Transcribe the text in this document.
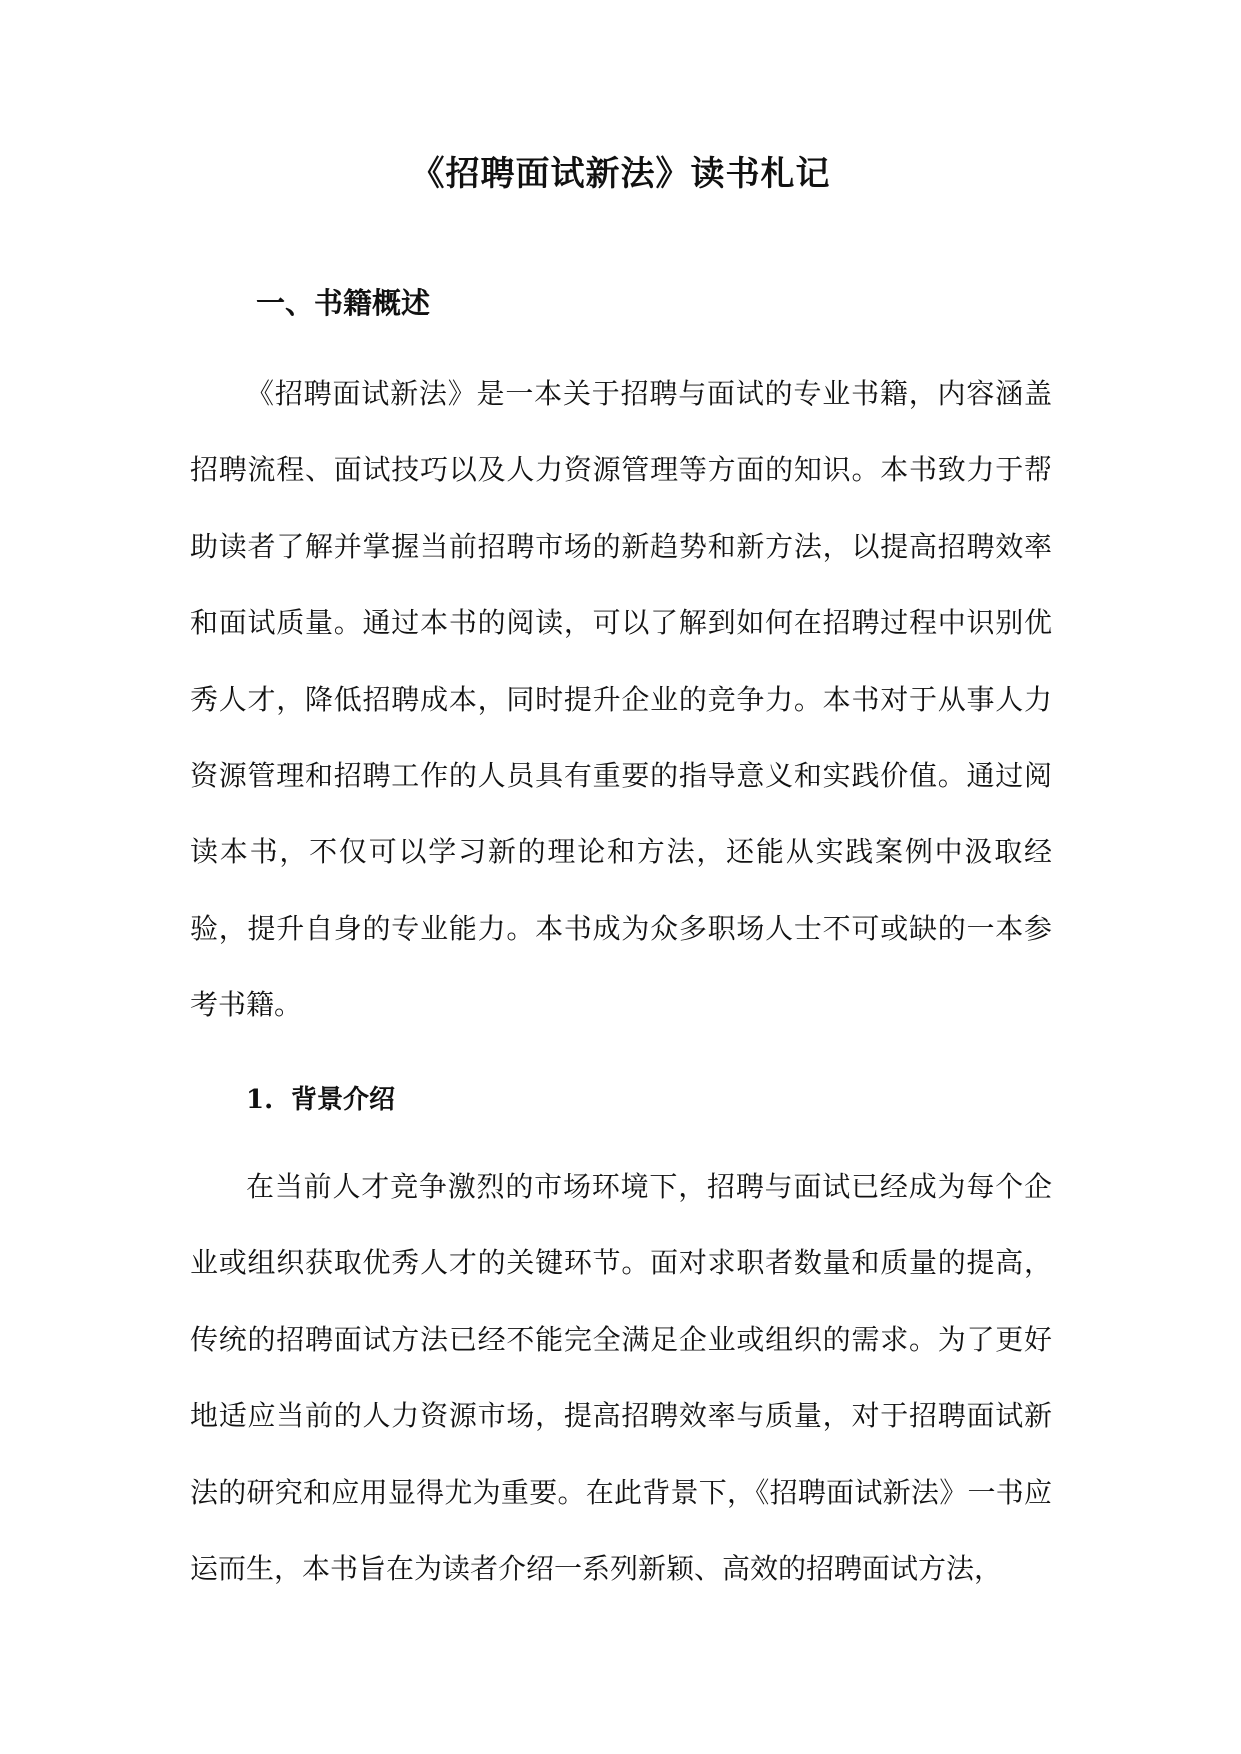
《招聘面试新法》读书札记
一、书籍概述

《招聘面试新法》是一本关于招聘与面试的专业书籍，内容涵盖招聘流程、面试技巧以及人力资源管理等方面的知识。本书致力于帮助读者了解并掌握当前招聘市场的新趋势和新方法，以提高招聘效率和面试质量。通过本书的阅读，可以了解到如何在招聘过程中识别优秀人才，降低招聘成本，同时提升企业的竞争力。本书对于从事人力资源管理和招聘工作的人员具有重要的指导意义和实践价值。通过阅读本书，不仅可以学习新的理论和方法，还能从实践案例中汲取经验，提升自身的专业能力。本书成为众多职场人士不可或缺的一本参考书籍。

1. 背景介绍

在当前人才竞争激烈的市场环境下，招聘与面试已经成为每个企业或组织获取优秀人才的关键环节。面对求职者数量和质量的提高，传统的招聘面试方法已经不能完全满足企业或组织的需求。为了更好地适应当前的人力资源市场，提高招聘效率与质量，对于招聘面试新法的研究和应用显得尤为重要。在此背景下，《招聘面试新法》一书应运而生，本书旨在为读者介绍一系列新颖、高效的招聘面试方法，
